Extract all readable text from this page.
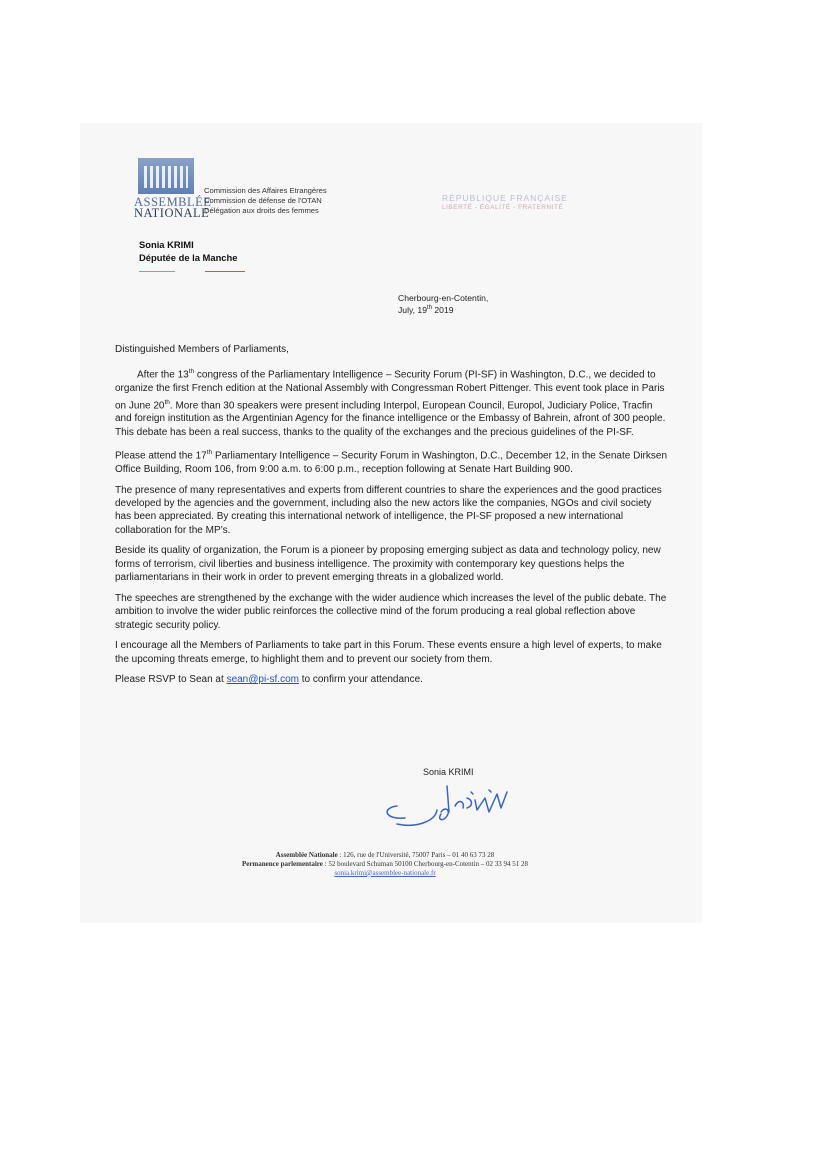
ASSEMBLÉE
NATIONALE
Commission des Affaires Etrangères
Commission de défense de l'OTAN
Délégation aux droits des femmes
RÉPUBLIQUE FRANÇAISE
LIBERTÉ - ÉGALITÉ - FRATERNITÉ
Sonia KRIMI
Députée de la Manche
Cherbourg-en-Cotentin,
July, 19th 2019

Distinguished Members of Parliaments,

After the 13th congress of the Parliamentary Intelligence – Security Forum (PI-SF) in Washington, D.C., we decided to organize the first French edition at the National Assembly with Congressman Robert Pittenger. This event took place in Paris on June 20th. More than 30 speakers were present including Interpol, European Council, Europol, Judiciary Police, Tracfin and foreign institution as the Argentinian Agency for the finance intelligence or the Embassy of Bahrein, afront of 300 people. This debate has been a real success, thanks to the quality of the exchanges and the precious guidelines of the PI-SF.

Please attend the 17th Parliamentary Intelligence – Security Forum in Washington, D.C., December 12, in the Senate Dirksen Office Building, Room 106, from 9:00 a.m. to 6:00 p.m., reception following at Senate Hart Building 900.

The presence of many representatives and experts from different countries to share the experiences and the good practices developed by the agencies and the government, including also the new actors like the companies, NGOs and civil society has been appreciated. By creating this international network of intelligence, the PI-SF proposed a new international collaboration for the MP’s.

Beside its quality of organization, the Forum is a pioneer by proposing emerging subject as data and technology policy, new forms of terrorism, civil liberties and business intelligence. The proximity with contemporary key questions helps the parliamentarians in their work in order to prevent emerging threats in a globalized world.

The speeches are strengthened by the exchange with the wider audience which increases the level of the public debate. The ambition to involve the wider public reinforces the collective mind of the forum producing a real global reflection above strategic security policy.

I encourage all the Members of Parliaments to take part in this Forum. These events ensure a high level of experts, to make the upcoming threats emerge, to highlight them and to prevent our society from them.

Please RSVP to Sean at sean@pi-sf.com to confirm your attendance.

Sonia KRIMI
Assemblée Nationale : 126, rue de l'Université, 75007 Paris – 01 40 63 73 28
Permanence parlementaire : 52 boulevard Schuman 50100 Cherbourg-en-Cotentin – 02 33 94 51 28
sonia.krimi@assemblee-nationale.fr
